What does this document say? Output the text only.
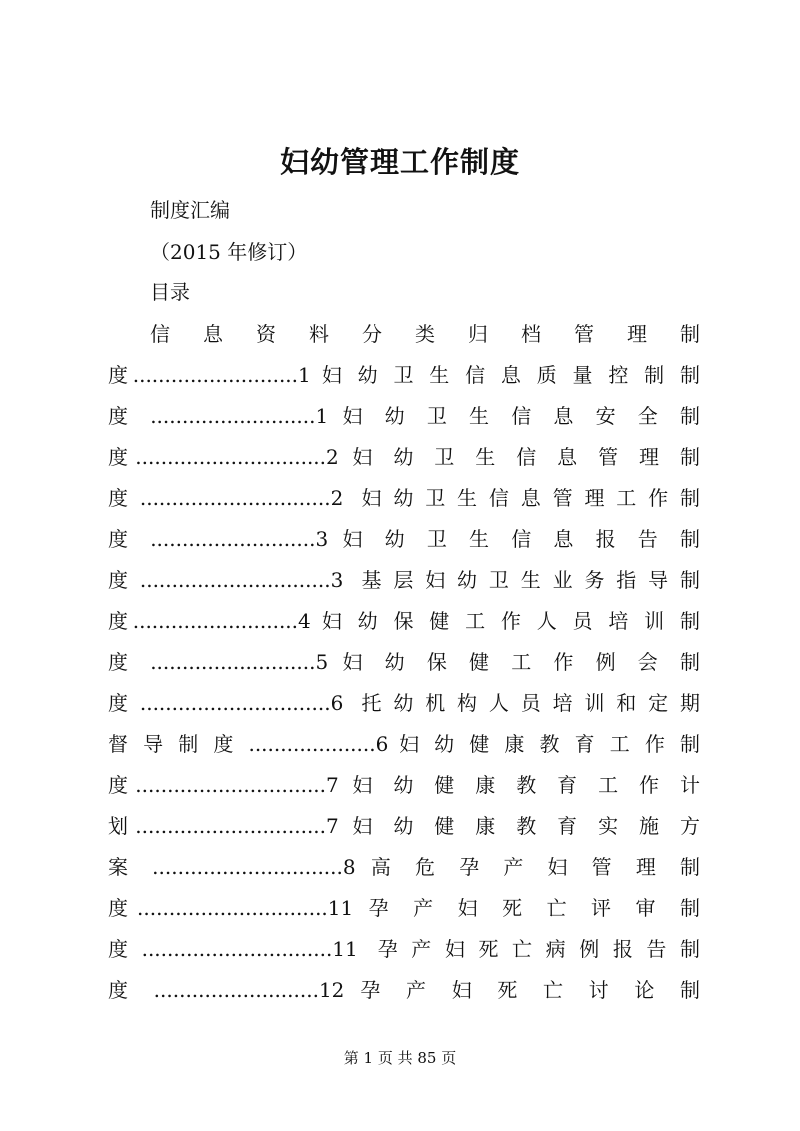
妇幼管理工作制度
制度汇编
（2015 年修订）
目录
信 息 资 料 分 类 归 档 管 理 制
度..........................1 妇 幼 卫 生 信 息 质 量 控 制 制
度 ..........................1 妇 幼 卫 生 信 息 安 全 制
度..............................2 妇 幼 卫 生 信 息 管 理 制
度..............................2 妇幼卫生信息管理工作制
度 ..........................3 妇 幼 卫 生 信 息 报 告 制
度..............................3 基层妇幼卫生业务指导制
度..........................4 妇 幼 保 健 工 作 人 员 培 训 制
度 ..........................5 妇 幼 保 健 工 作 例 会 制
度..............................6 托幼机构人员培训和定期
督 导 制 度 ....................6 妇 幼 健 康 教 育 工 作 制
度..............................7 妇 幼 健 康 教 育 工 作 计
划..............................7 妇 幼 健 康 教 育 实 施 方
案 ..............................8 高 危 孕 产 妇 管 理 制
度..............................11 孕 产 妇 死 亡 评 审 制
度..............................11 孕产妇死亡病例报告制
度 ..........................12 孕 产 妇 死 亡 讨 论 制
第 1 页 共 85 页
